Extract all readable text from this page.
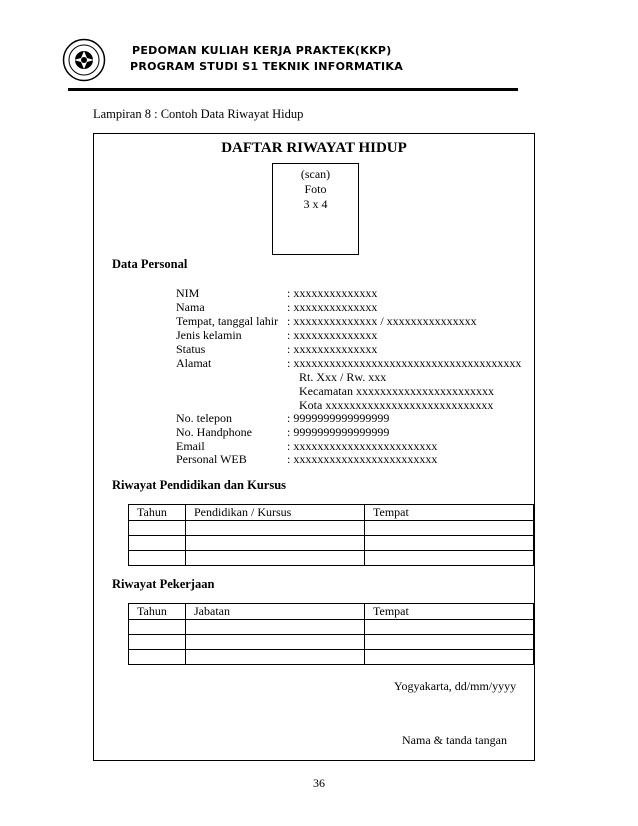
PEDOMAN KULIAH KERJA PRAKTEK(KKP)
PROGRAM STUDI S1 TEKNIK INFORMATIKA
Lampiran 8 : Contoh Data Riwayat Hidup
DAFTAR RIWAYAT HIDUP
(scan)
Foto
3 x 4
Data Personal
NIM	: xxxxxxxxxxxxxx
Nama	: xxxxxxxxxxxxxx
Tempat, tanggal lahir : xxxxxxxxxxxxxx / xxxxxxxxxxxxxxx
Jenis kelamin	: xxxxxxxxxxxxxx
Status	: xxxxxxxxxxxxxx
Alamat	: xxxxxxxxxxxxxxxxxxxxxxxxxxxxxxxxxxxxxx
Rt. Xxx / Rw. xxx
Kecamatan xxxxxxxxxxxxxxxxxxxxxxx
Kota xxxxxxxxxxxxxxxxxxxxxxxxxxxx
No. telepon	: 9999999999999999
No. Handphone	: 9999999999999999
Email	: xxxxxxxxxxxxxxxxxxxxxxxx
Personal WEB	: xxxxxxxxxxxxxxxxxxxxxxxx
Riwayat Pendidikan dan Kursus
Tahun	Pendidikan / Kursus	Tempat

Riwayat Pekerjaan
Tahun	Jabatan	Tempat

Yogyakarta, dd/mm/yyyy
Nama & tanda tangan
36
